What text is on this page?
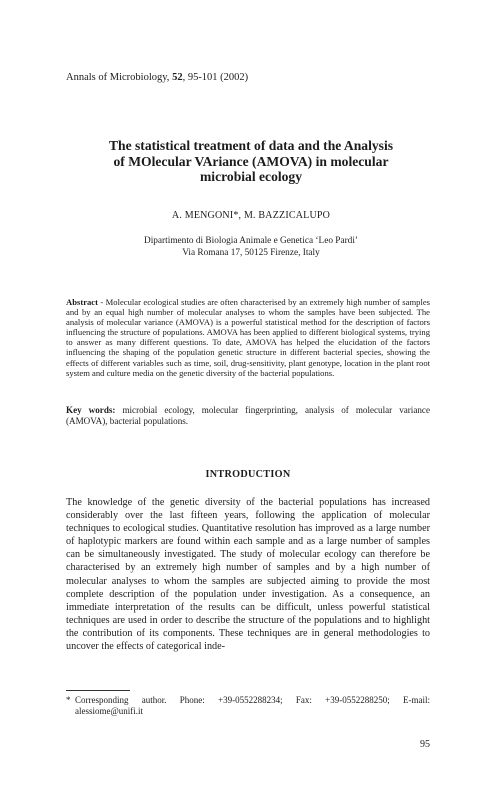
Annals of Microbiology, 52, 95-101 (2002)
The statistical treatment of data and the Analysis
of MOlecular VAriance (AMOVA) in molecular
microbial ecology
A. MENGONI*, M. BAZZICALUPO
Dipartimento di Biologia Animale e Genetica ‘Leo Pardi’
Via Romana 17, 50125 Firenze, Italy
Abstract - Molecular ecological studies are often characterised by an extremely high number of samples and by an equal high number of molecular analyses to whom the samples have been subjected. The analysis of molecular variance (AMOVA) is a powerful statistical method for the description of factors influencing the structure of populations. AMOVA has been applied to different biological systems, trying to answer as many different questions. To date, AMOVA has helped the elucidation of the factors influencing the shaping of the population genetic structure in different bacterial species, showing the effects of different variables such as time, soil, drug-sensitivity, plant genotype, location in the plant root system and culture media on the genetic diversity of the bacterial populations.
Key words: microbial ecology, molecular fingerprinting, analysis of molecular variance (AMOVA), bacterial populations.
INTRODUCTION
The knowledge of the genetic diversity of the bacterial populations has increased considerably over the last fifteen years, following the application of molecular techniques to ecological studies. Quantitative resolution has improved as a large number of haplotypic markers are found within each sample and as a large number of samples can be simultaneously investigated. The study of molecular ecology can therefore be characterised by an extremely high number of samples and by a high number of molecular analyses to whom the samples are subjected aiming to provide the most complete description of the population under investigation. As a consequence, an immediate interpretation of the results can be difficult, unless powerful statistical techniques are used in order to describe the structure of the populations and to highlight the contribution of its components. These techniques are in general methodologies to uncover the effects of categorical inde-
* Corresponding author. Phone: +39-0552288234; Fax: +39-0552288250; E-mail: alessiome@unifi.it
95
